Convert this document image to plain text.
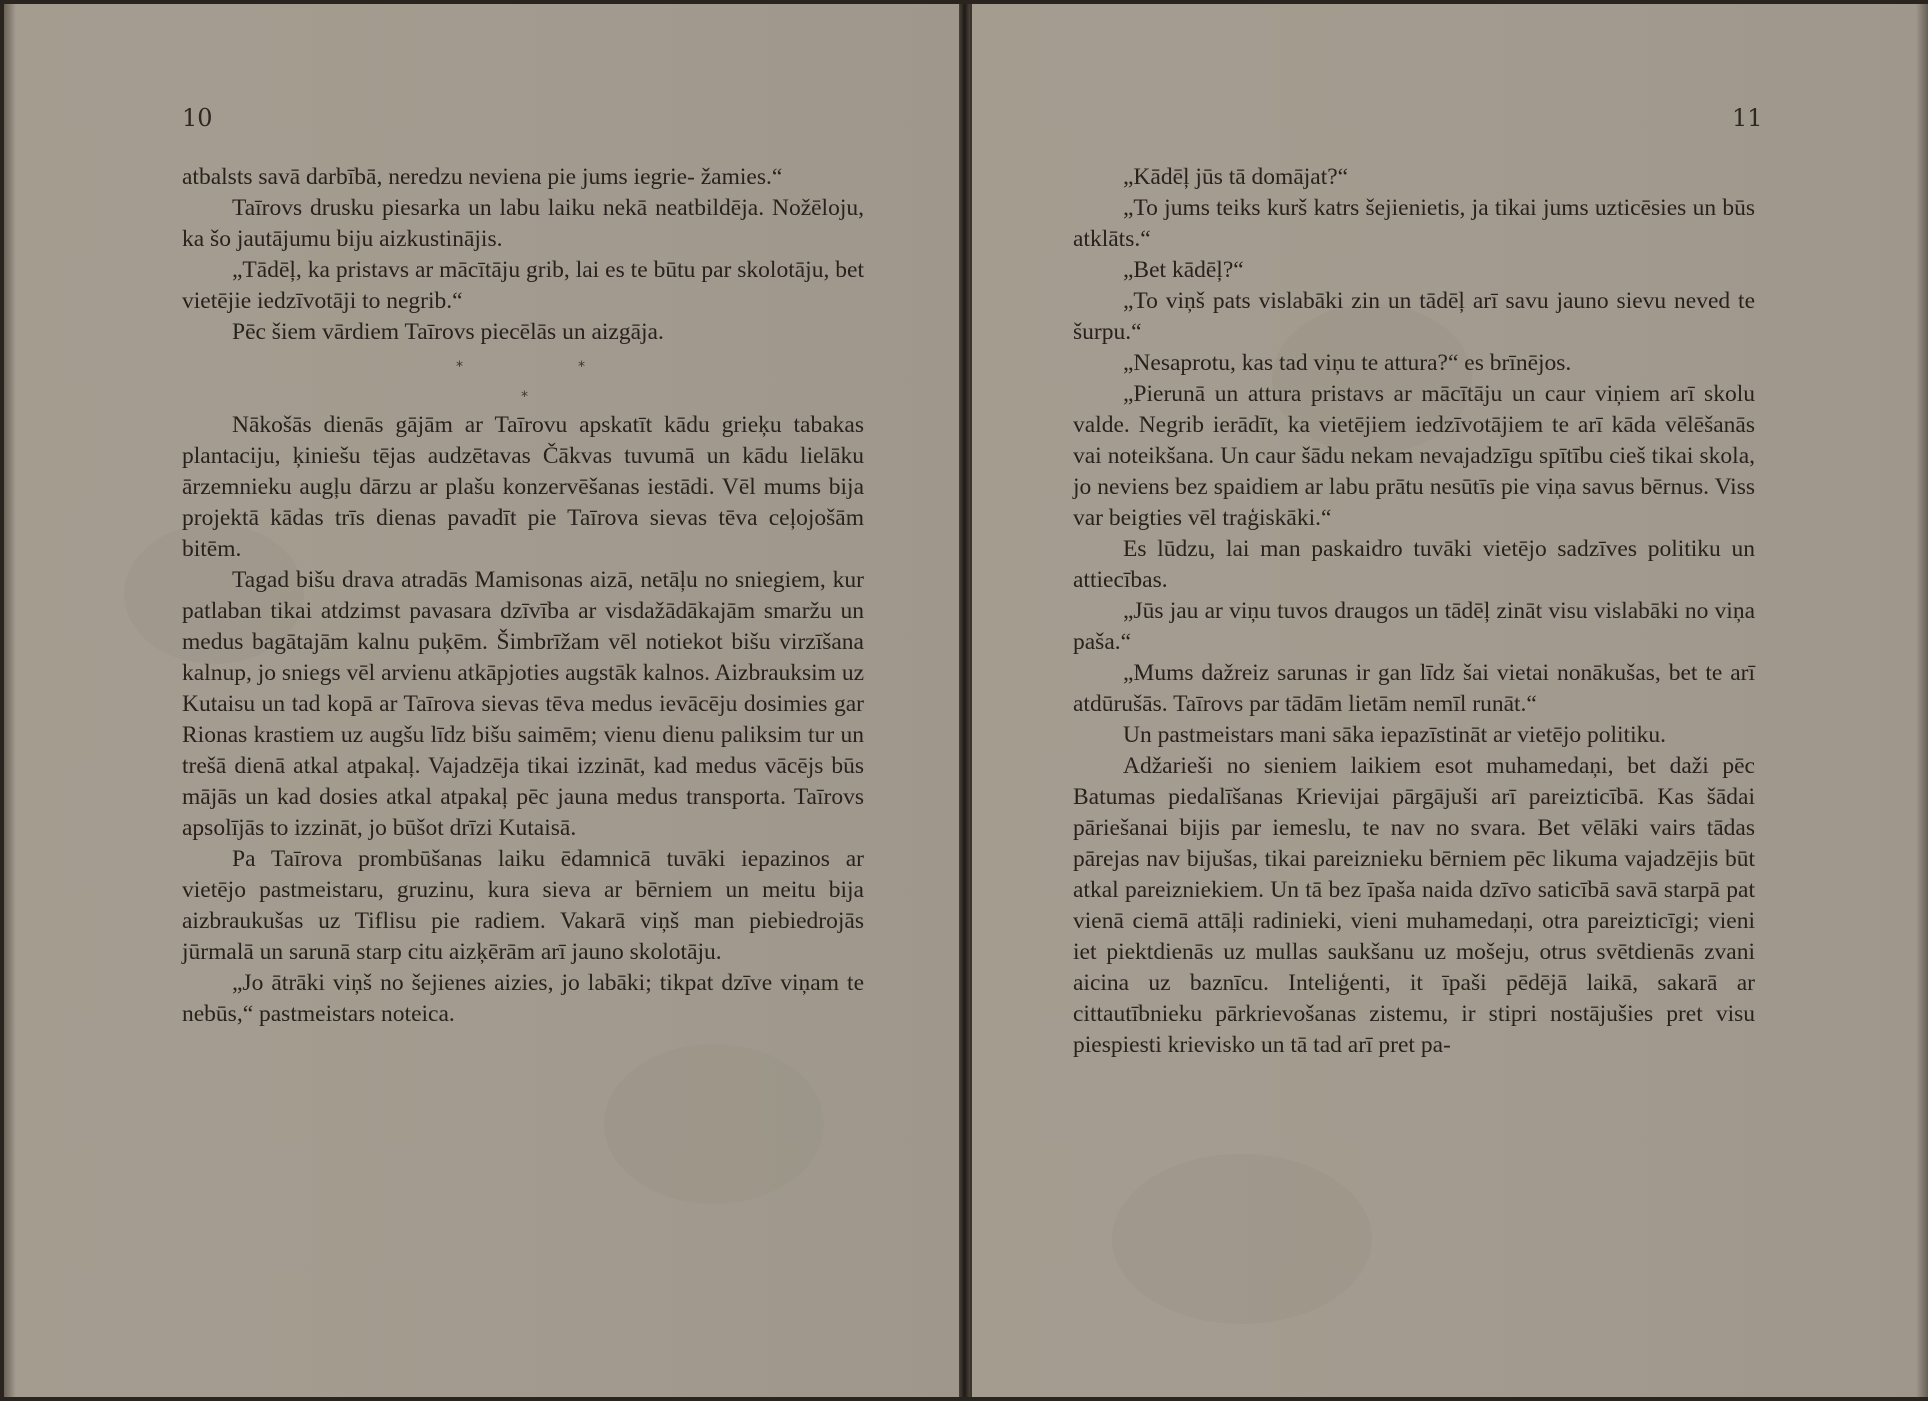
10

atbalsts savā darbībā, neredzu neviena pie jums iegrie- žamies.“

Taīrovs drusku piesarka un labu laiku nekā neatbildēja. Nožēloju, ka šo jautājumu biju aizkustinājis.

„Tādēļ, ka pristavs ar mācītāju grib, lai es te būtu par skolotāju, bet vietējie iedzīvotāji to negrib.“

Pēc šiem vārdiem Taīrovs piecēlās un aizgāja.

*	*
*

Nākošās dienās gājām ar Taīrovu apskatīt kādu grieķu tabakas plantaciju, ķiniešu tējas audzētavas Čākvas tuvumā un kādu lielāku ārzemnieku augļu dārzu ar plašu konzervēšanas iestādi. Vēl mums bija projektā kādas trīs dienas pavadīt pie Taīrova sievas tēva ceļojošām bitēm.

Tagad bišu drava atradās Mamisonas aizā, netāļu no sniegiem, kur patlaban tikai atdzimst pavasara dzīvība ar visdažādākajām smaržu un medus bagātajām kalnu puķēm. Šimbrīžam vēl notiekot bišu virzīšana kalnup, jo sniegs vēl arvienu atkāpjoties augstāk kalnos. Aizbrauksim uz Kutaisu un tad kopā ar Taīrova sievas tēva medus ievācēju dosimies gar Rionas krastiem uz augšu līdz bišu saimēm; vienu dienu paliksim tur un trešā dienā atkal atpakaļ. Vajadzēja tikai izzināt, kad medus vācējs būs mājās un kad dosies atkal atpakaļ pēc jauna medus transporta. Taīrovs apsolījās to izzināt, jo būšot drīzi Kutaisā.

Pa Taīrova prombūšanas laiku ēdamnicā tuvāki iepazinos ar vietējo pastmeistaru, gruzinu, kura sieva ar bērniem un meitu bija aizbraukušas uz Tiflisu pie radiem. Vakarā viņš man piebiedrojās jūrmalā un sarunā starp citu aizķērām arī jauno skolotāju.

„Jo ātrāki viņš no šejienes aizies, jo labāki; tikpat dzīve viņam te nebūs,“ pastmeistars noteica.

11

„Kādēļ jūs tā domājat?“

„To jums teiks kurš katrs šejienietis, ja tikai jums uzticēsies un būs atklāts.“

„Bet kādēļ?“

„To viņš pats vislabāki zin un tādēļ arī savu jauno sievu neved te šurpu.“

„Nesaprotu, kas tad viņu te attura?“ es brīnējos.

„Pierunā un attura pristavs ar mācītāju un caur viņiem arī skolu valde. Negrib ierādīt, ka vietējiem iedzīvotājiem te arī kāda vēlēšanās vai noteikšana. Un caur šādu nekam nevajadzīgu spītību cieš tikai skola, jo neviens bez spaidiem ar labu prātu nesūtīs pie viņa savus bērnus. Viss var beigties vēl traģiskāki.“

Es lūdzu, lai man paskaidro tuvāki vietējo sadzīves politiku un attiecības.

„Jūs jau ar viņu tuvos draugos un tādēļ zināt visu vislabāki no viņa paša.“

„Mums dažreiz sarunas ir gan līdz šai vietai nonākušas, bet te arī atdūrušās. Taīrovs par tādām lietām nemīl runāt.“

Un pastmeistars mani sāka iepazīstināt ar vietējo politiku.

Adžarieši no sieniem laikiem esot muhamedaņi, bet daži pēc Batumas piedalīšanas Krievijai pārgājuši arī pareizticībā. Kas šādai pāriešanai bijis par iemeslu, te nav no svara. Bet vēlāki vairs tādas pārejas nav bijušas, tikai pareiznieku bērniem pēc likuma vajadzējis būt atkal pareizniekiem. Un tā bez īpaša naida dzīvo saticībā savā starpā pat vienā ciemā attāļi radinieki, vieni muhamedaņi, otra pareizticīgi; vieni iet piektdienās uz mullas saukšanu uz mošeju, otrus svētdienās zvani aicina uz baznīcu. Inteliģenti, it īpaši pēdējā laikā, sakarā ar cittautībnieku pārkrievošanas zistemu, ir stipri nostājušies pret visu piespiesti krievisko un tā tad arī pret pa-
